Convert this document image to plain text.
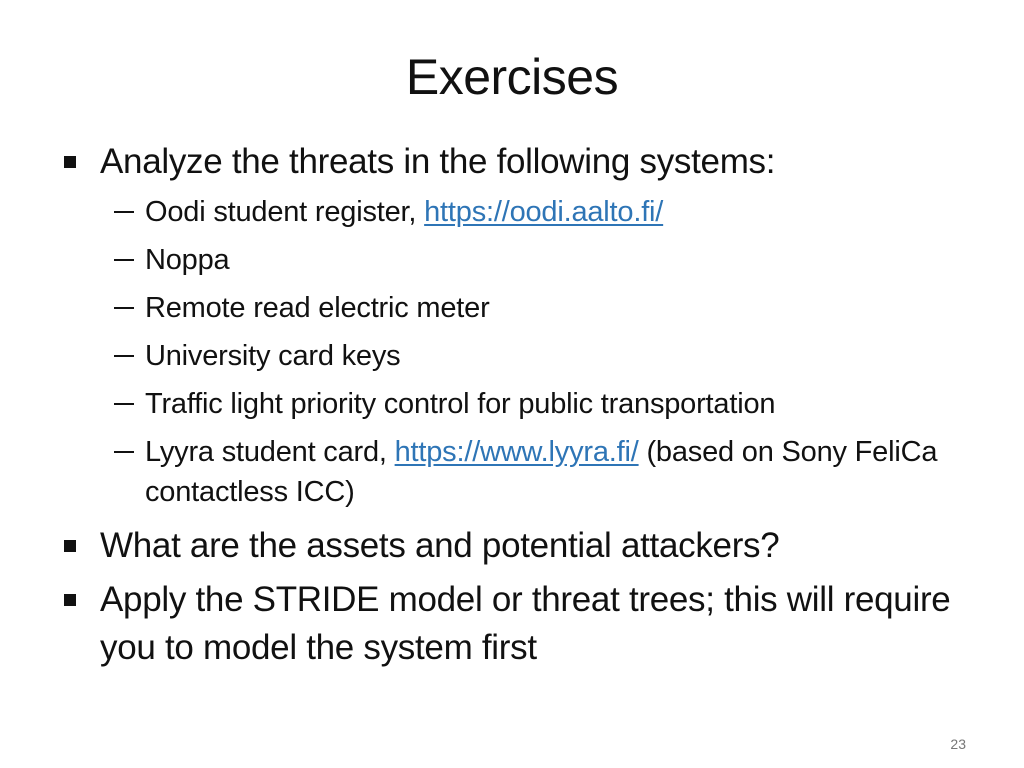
Exercises
Analyze the threats in the following systems:
Oodi student register, https://oodi.aalto.fi/
Noppa
Remote read electric meter
University card keys
Traffic light priority control for public transportation
Lyyra student card, https://www.lyyra.fi/ (based on Sony FeliCa contactless ICC)
What are the assets and potential attackers?
Apply the STRIDE model or threat trees; this will require you to model the system first
23
